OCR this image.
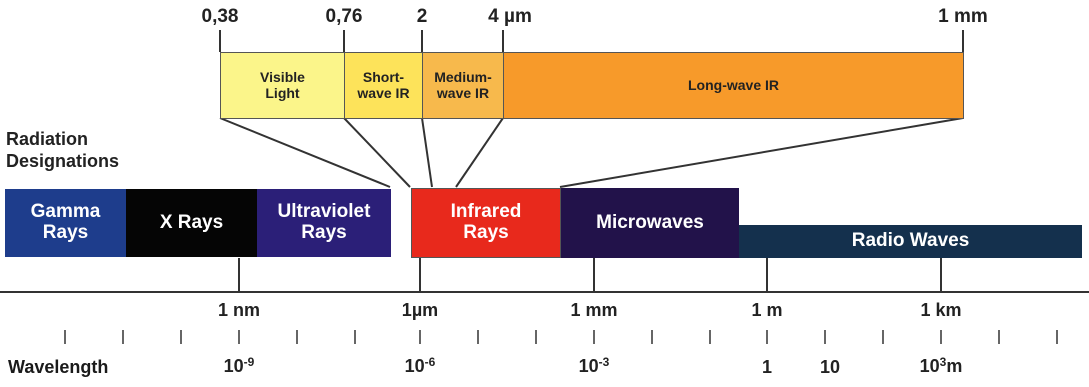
0,38	0,76	2	4 µm	1 mm
Visible
Light
Short-
wave IR
Medium-
wave IR	Long-wave IR
Radiation
Designations
Gamma
Rays	X Rays	Ultraviolet
Rays
Infrared
Rays	Microwaves
Radio Waves
1 nm	1µm	1 mm	1 m	1 km
Wavelength	$10^{-9}$	$10^{-6}$	$10^{-3}$	1	10	$10^3m$
